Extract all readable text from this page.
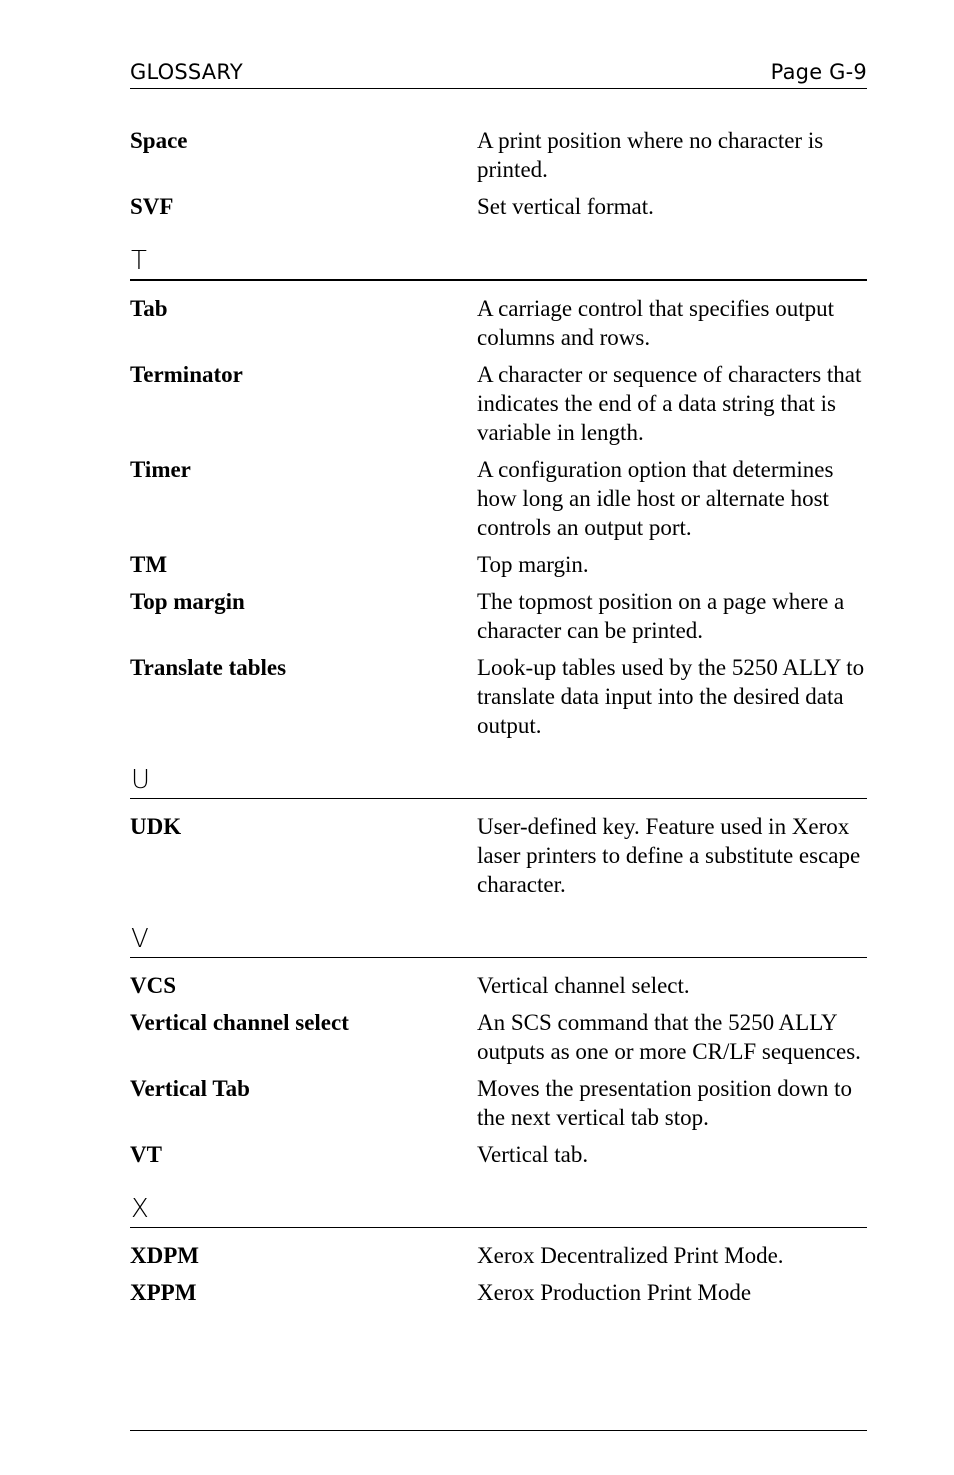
GLOSSARY	Page G-9
Space	A print position where no character is printed.
SVF	Set vertical format.
T
Tab	A carriage control that specifies output columns and rows.
Terminator	A character or sequence of characters that indicates the end of a data string that is variable in length.
Timer	A configuration option that determines how long an idle host or alternate host controls an output port.
TM	Top margin.
Top margin	The topmost position on a page where a character can be printed.
Translate tables	Look-up tables used by the 5250 ALLY to translate data input into the desired data output.
U
UDK	User-defined key. Feature used in Xerox laser printers to define a substitute escape character.
V
VCS	Vertical channel select.
Vertical channel select	An SCS command that the 5250 ALLY outputs as one or more CR/LF sequences.
Vertical Tab	Moves the presentation position down to the next vertical tab stop.
VT	Vertical tab.
X
XDPM	Xerox Decentralized Print Mode.
XPPM	Xerox Production Print Mode
